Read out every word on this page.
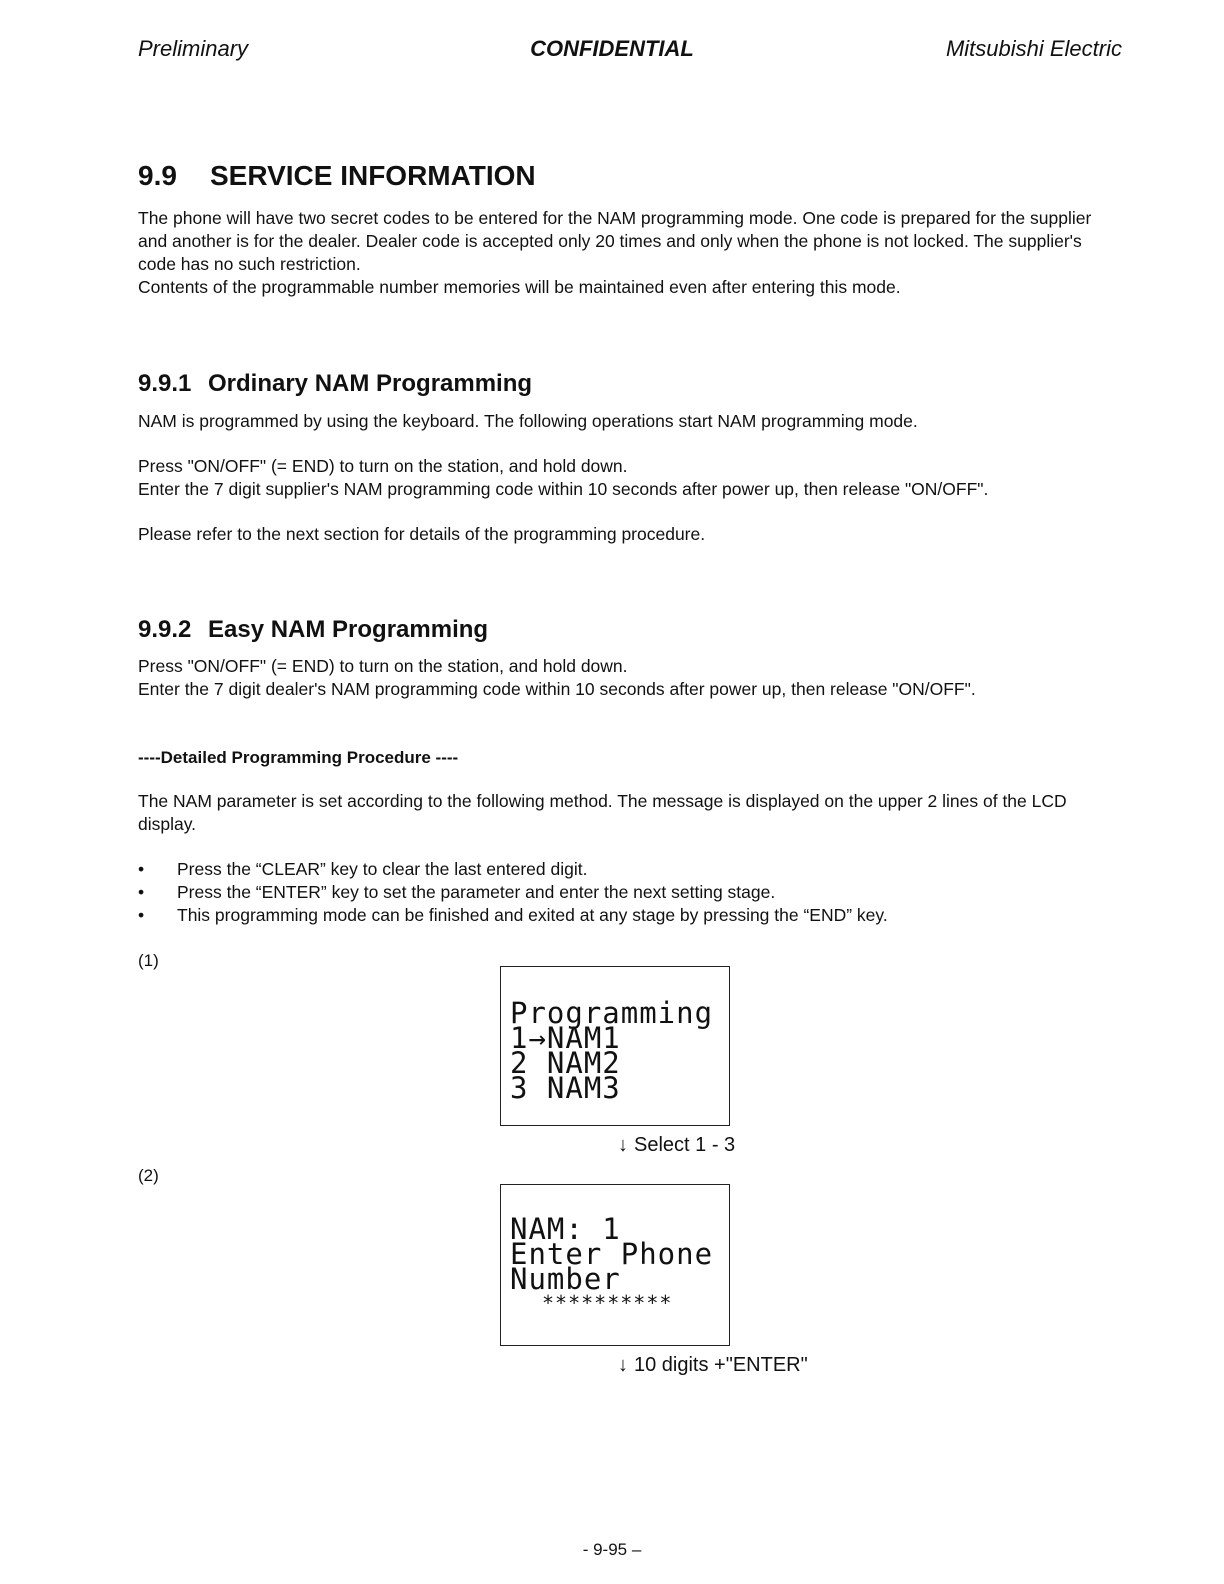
Preliminary	CONFIDENTIAL	Mitsubishi Electric
9.9 SERVICE INFORMATION

The phone will have two secret codes to be entered for the NAM programming mode. One code is prepared for the supplier and another is for the dealer. Dealer code is accepted only 20 times and only when the phone is not locked. The supplier's code has no such restriction.

Contents of the programmable number memories will be maintained even after entering this mode.

9.9.1 Ordinary NAM Programming

NAM is programmed by using the keyboard. The following operations start NAM programming mode.

Press "ON/OFF" (= END) to turn on the station, and hold down.

Enter the 7 digit supplier's NAM programming code within 10 seconds after power up, then release "ON/OFF".

Please refer to the next section for details of the programming procedure.

9.9.2 Easy NAM Programming

Press "ON/OFF" (= END) to turn on the station, and hold down.

Enter the 7 digit dealer's NAM programming code within 10 seconds after power up, then release "ON/OFF".

----Detailed Programming Procedure ----

The NAM parameter is set according to the following method. The message is displayed on the upper 2 lines of the LCD display.

• Press the “CLEAR” key to clear the last entered digit.
• Press the “ENTER” key to set the parameter and enter the next setting stage.
• This programming mode can be finished and exited at any stage by pressing the “END” key.
(1)
Programming
1→NAM1
2 NAM2
3 NAM3
↓ Select 1 - 3
(2)
NAM: 1
Enter Phone
Number
**********
↓ 10 digits +"ENTER"
- 9-95 –
